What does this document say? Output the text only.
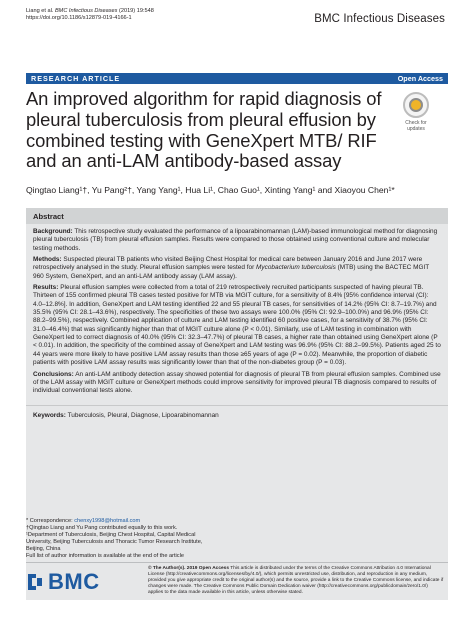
Liang et al. BMC Infectious Diseases (2019) 19:548
https://doi.org/10.1186/s12879-019-4166-1	BMC Infectious Diseases
RESEARCH ARTICLE	Open Access
An improved algorithm for rapid diagnosis of pleural tuberculosis from pleural effusion by combined testing with GeneXpert MTB/ RIF and an anti-LAM antibody-based assay
Check for
updates
Qingtao Liang¹†, Yu Pang²†, Yang Yang¹, Hua Li¹, Chao Guo¹, Xinting Yang¹ and Xiaoyou Chen¹*
Abstract

Background: This retrospective study evaluated the performance of a lipoarabinomannan (LAM)-based immunological method for diagnosing pleural tuberculosis (TB) from pleural effusion samples. Results were compared to those obtained using conventional culture and molecular testing methods.

Methods: Suspected pleural TB patients who visited Beijing Chest Hospital for medical care between January 2016 and June 2017 were retrospectively analysed in the study. Pleural effusion samples were tested for Mycobacterium tuberculosis (MTB) using the BACTEC MGIT 960 System, GeneXpert, and an anti-LAM antibody assay (LAM assay).

Results: Pleural effusion samples were collected from a total of 219 retrospectively recruited participants suspected of having pleural TB. Thirteen of 155 confirmed pleural TB cases tested positive for MTB via MGIT culture, for a sensitivity of 8.4% [95% confidence interval (CI): 4.0–12.8%]. In addition, GeneXpert and LAM testing identified 22 and 55 pleural TB cases, for sensitivities of 14.2% (95% CI: 8.7–19.7%) and 35.5% (95% CI: 28.1–43.6%), respectively. The specificities of these two assays were 100.0% (95% CI: 92.9–100.0%) and 96.9% (95% CI: 88.2–99.5%), respectively. Combined application of culture and LAM testing identified 60 positive cases, for a sensitivity of 38.7% (95% CI: 31.0–46.4%) that was significantly higher than that of MGIT culture alone (P < 0.01). Similarly, use of LAM testing in combination with GeneXpert led to correct diagnosis of 40.0% (95% CI: 32.3–47.7%) of pleural TB cases, a higher rate than obtained using GeneXpert alone (P < 0.01). In addition, the specificity of the combined assay of GeneXpert and LAM testing was 96.9% (95% CI: 88.2–99.5%). Patients aged 25 to 44 years were more likely to have positive LAM assay results than those ≥65 years of age (P = 0.02). Meanwhile, the proportion of diabetic patients with positive LAM assay results was significantly lower than that of the non-diabetes group (P = 0.03).

Conclusions: An anti-LAM antibody detection assay showed potential for diagnosis of pleural TB from pleural effusion samples. Combined use of the LAM assay with MGIT culture or GeneXpert methods could improve sensitivity for improved pleural TB diagnosis compared to results of individual conventional tests alone.

Keywords: Tuberculosis, Pleural, Diagnose, Lipoarabinomannan
* Correspondence: chenxy1998@hotmail.com
†Qingtao Liang and Yu Pang contributed equally to this work.
¹Department of Tuberculosis, Beijing Chest Hospital, Capital Medical
University, Beijing Tuberculosis and Thoracic Tumor Research Institute,
Beijing, China
Full list of author information is available at the end of the article
BMC
© The Author(s). 2019 Open Access This article is distributed under the terms of the Creative Commons Attribution 4.0 International License (http://creativecommons.org/licenses/by/4.0/), which permits unrestricted use, distribution, and reproduction in any medium, provided you give appropriate credit to the original author(s) and the source, provide a link to the Creative Commons license, and indicate if changes were made. The Creative Commons Public Domain Dedication waiver (http://creativecommons.org/publicdomain/zero/1.0/) applies to the data made available in this article, unless otherwise stated.
